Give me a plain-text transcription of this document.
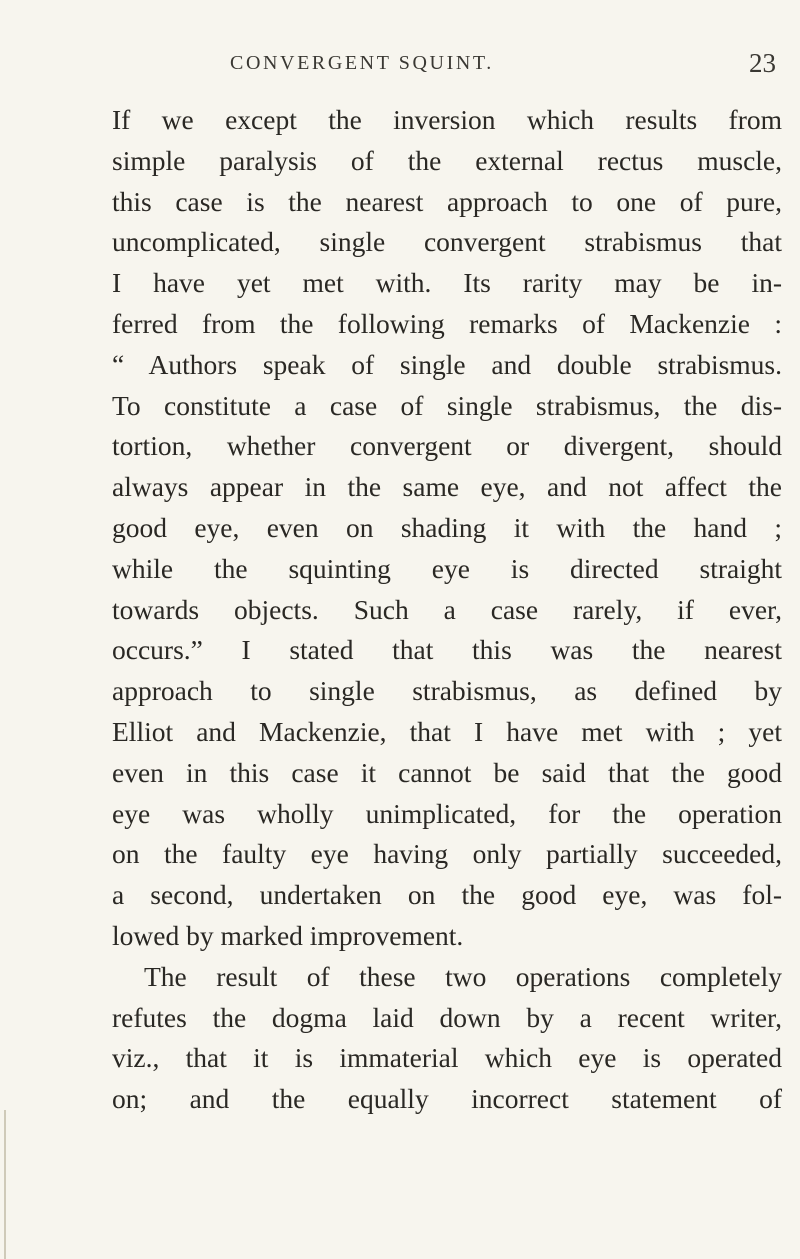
CONVERGENT SQUINT.	23
If we except the inversion which results from
simple paralysis of the external rectus muscle,
this case is the nearest approach to one of pure,
uncomplicated, single convergent strabismus that
I have yet met with. Its rarity may be in-
ferred from the following remarks of Mackenzie :
“ Authors speak of single and double strabismus.
To constitute a case of single strabismus, the dis-
tortion, whether convergent or divergent, should
always appear in the same eye, and not affect the
good eye, even on shading it with the hand ;
while the squinting eye is directed straight
towards objects. Such a case rarely, if ever,
occurs.” I stated that this was the nearest
approach to single strabismus, as defined by
Elliot and Mackenzie, that I have met with ; yet
even in this case it cannot be said that the good
eye was wholly unimplicated, for the operation
on the faulty eye having only partially succeeded,
a second, undertaken on the good eye, was fol-
lowed by marked improvement.
The result of these two operations completely
refutes the dogma laid down by a recent writer,
viz., that it is immaterial which eye is operated
on; and the equally incorrect statement of
